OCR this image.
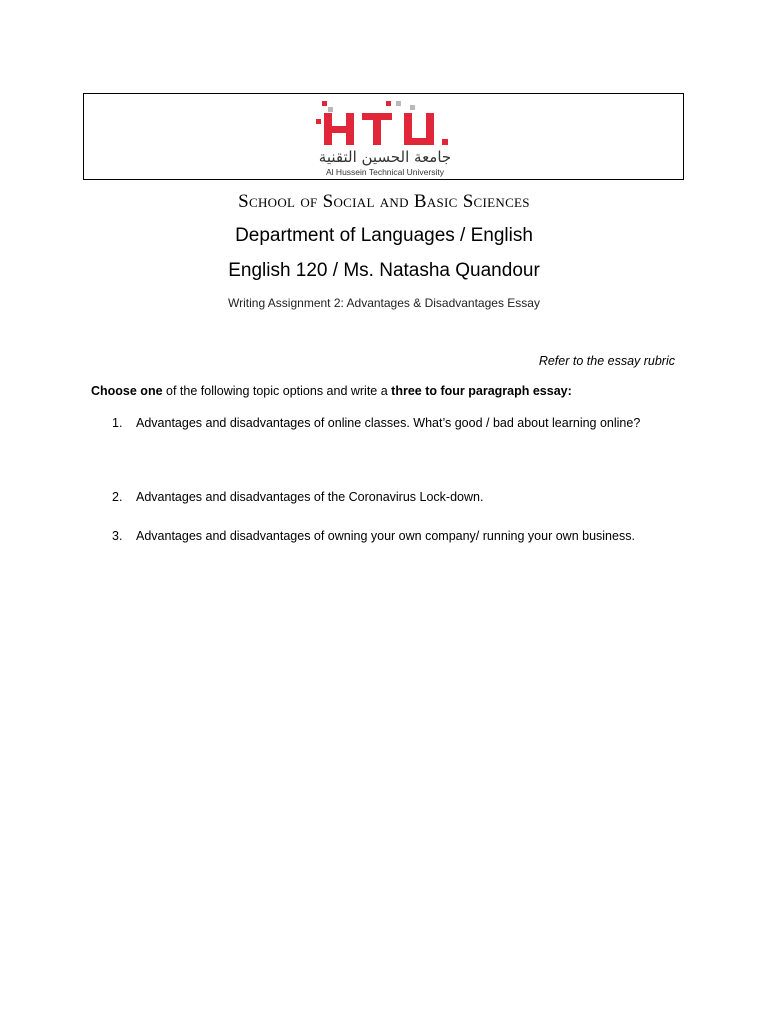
جامعة الحسين التقنية
Al Hussein Technical University
School of Social and Basic Sciences
Department of Languages / English
English 120 / Ms. Natasha Quandour
Writing Assignment 2: Advantages & Disadvantages Essay
Refer to the essay rubric
Choose one of the following topic options and write a three to four paragraph essay:
1. Advantages and disadvantages of online classes. What’s good / bad about learning online?
2. Advantages and disadvantages of the Coronavirus Lock-down.
3. Advantages and disadvantages of owning your own company/ running your own business.
